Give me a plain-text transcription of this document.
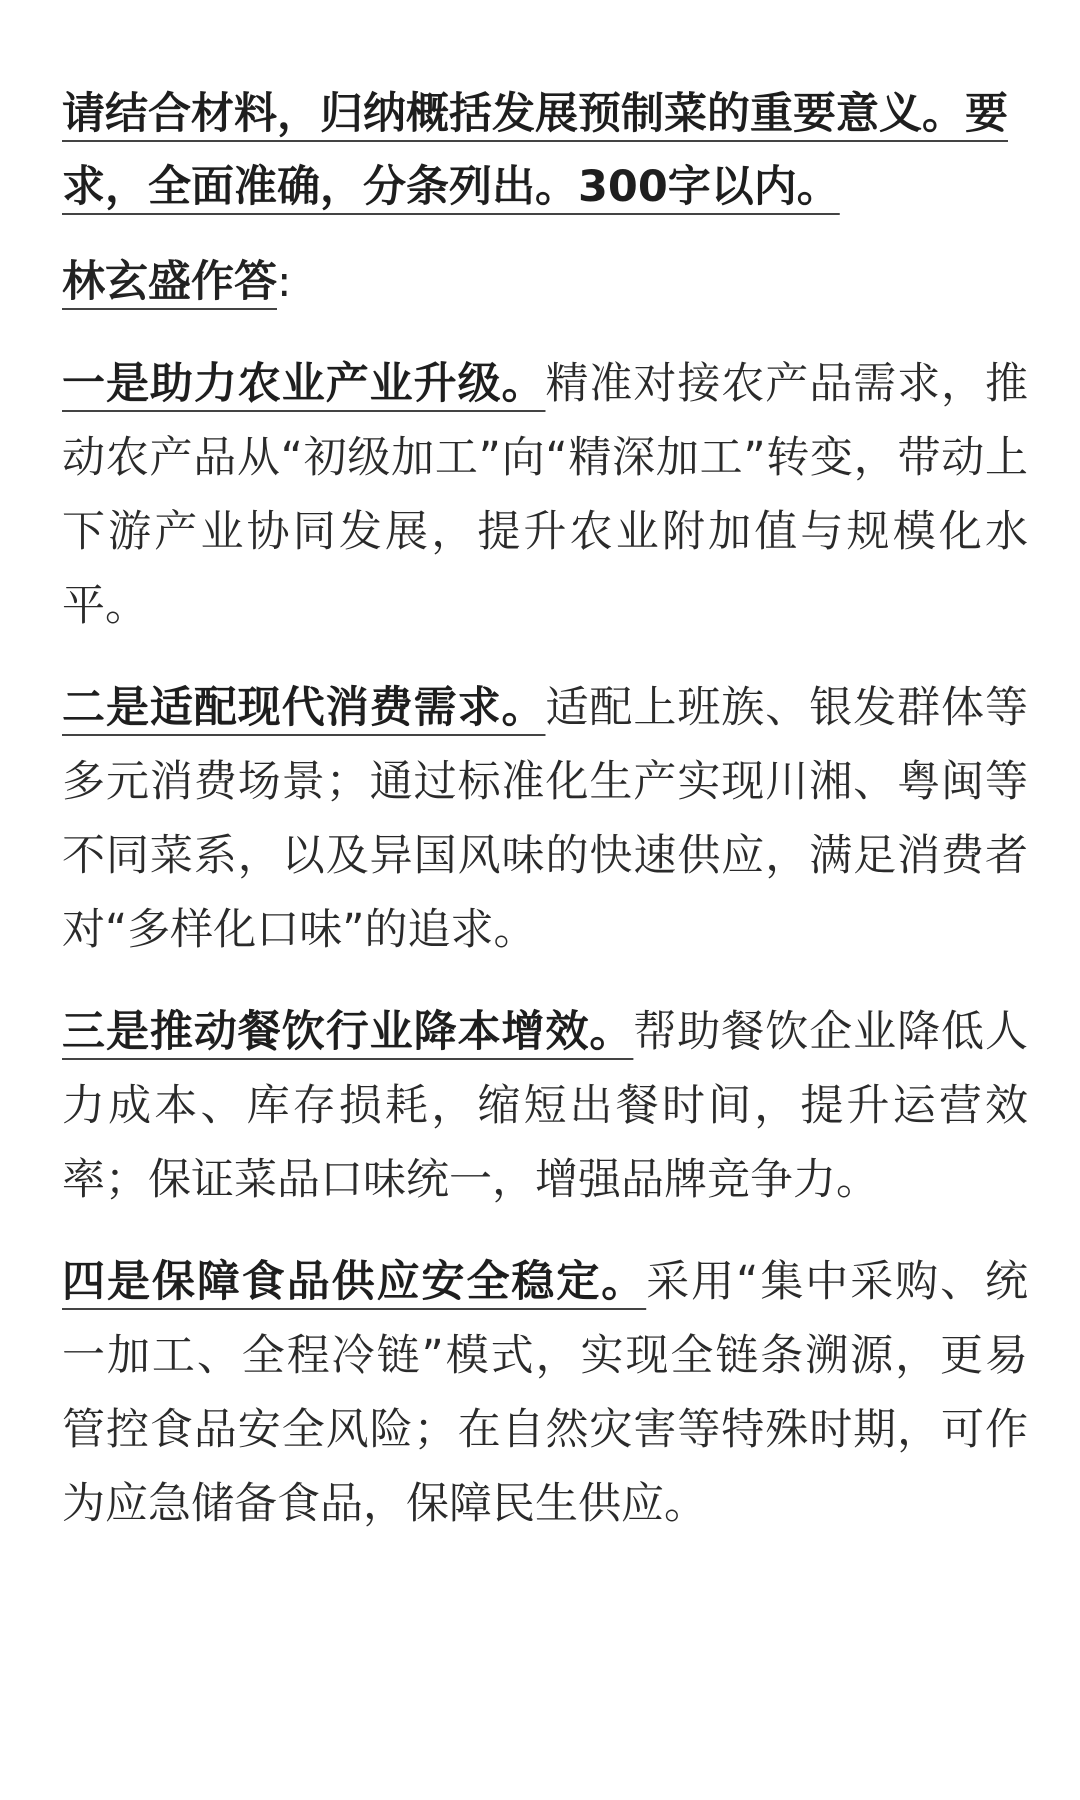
请结合材料，归纳概括发展预制菜的重要意义。要求，全面准确，分条列出。300字以内。

林玄盛作答:

一是助力农业产业升级。精准对接农产品需求，推动农产品从“初级加工”向“精深加工”转变，带动上下游产业协同发展，提升农业附加值与规模化水平。

二是适配现代消费需求。适配上班族、银发群体等多元消费场景；通过标准化生产实现川湘、粤闽等不同菜系，以及异国风味的快速供应，满足消费者对“多样化口味”的追求。

三是推动餐饮行业降本增效。帮助餐饮企业降低人力成本、库存损耗，缩短出餐时间，提升运营效率；保证菜品口味统一，增强品牌竞争力。

四是保障食品供应安全稳定。采用“集中采购、统一加工、全程冷链”模式，实现全链条溯源，更易管控食品安全风险；在自然灾害等特殊时期，可作为应急储备食品，保障民生供应。
